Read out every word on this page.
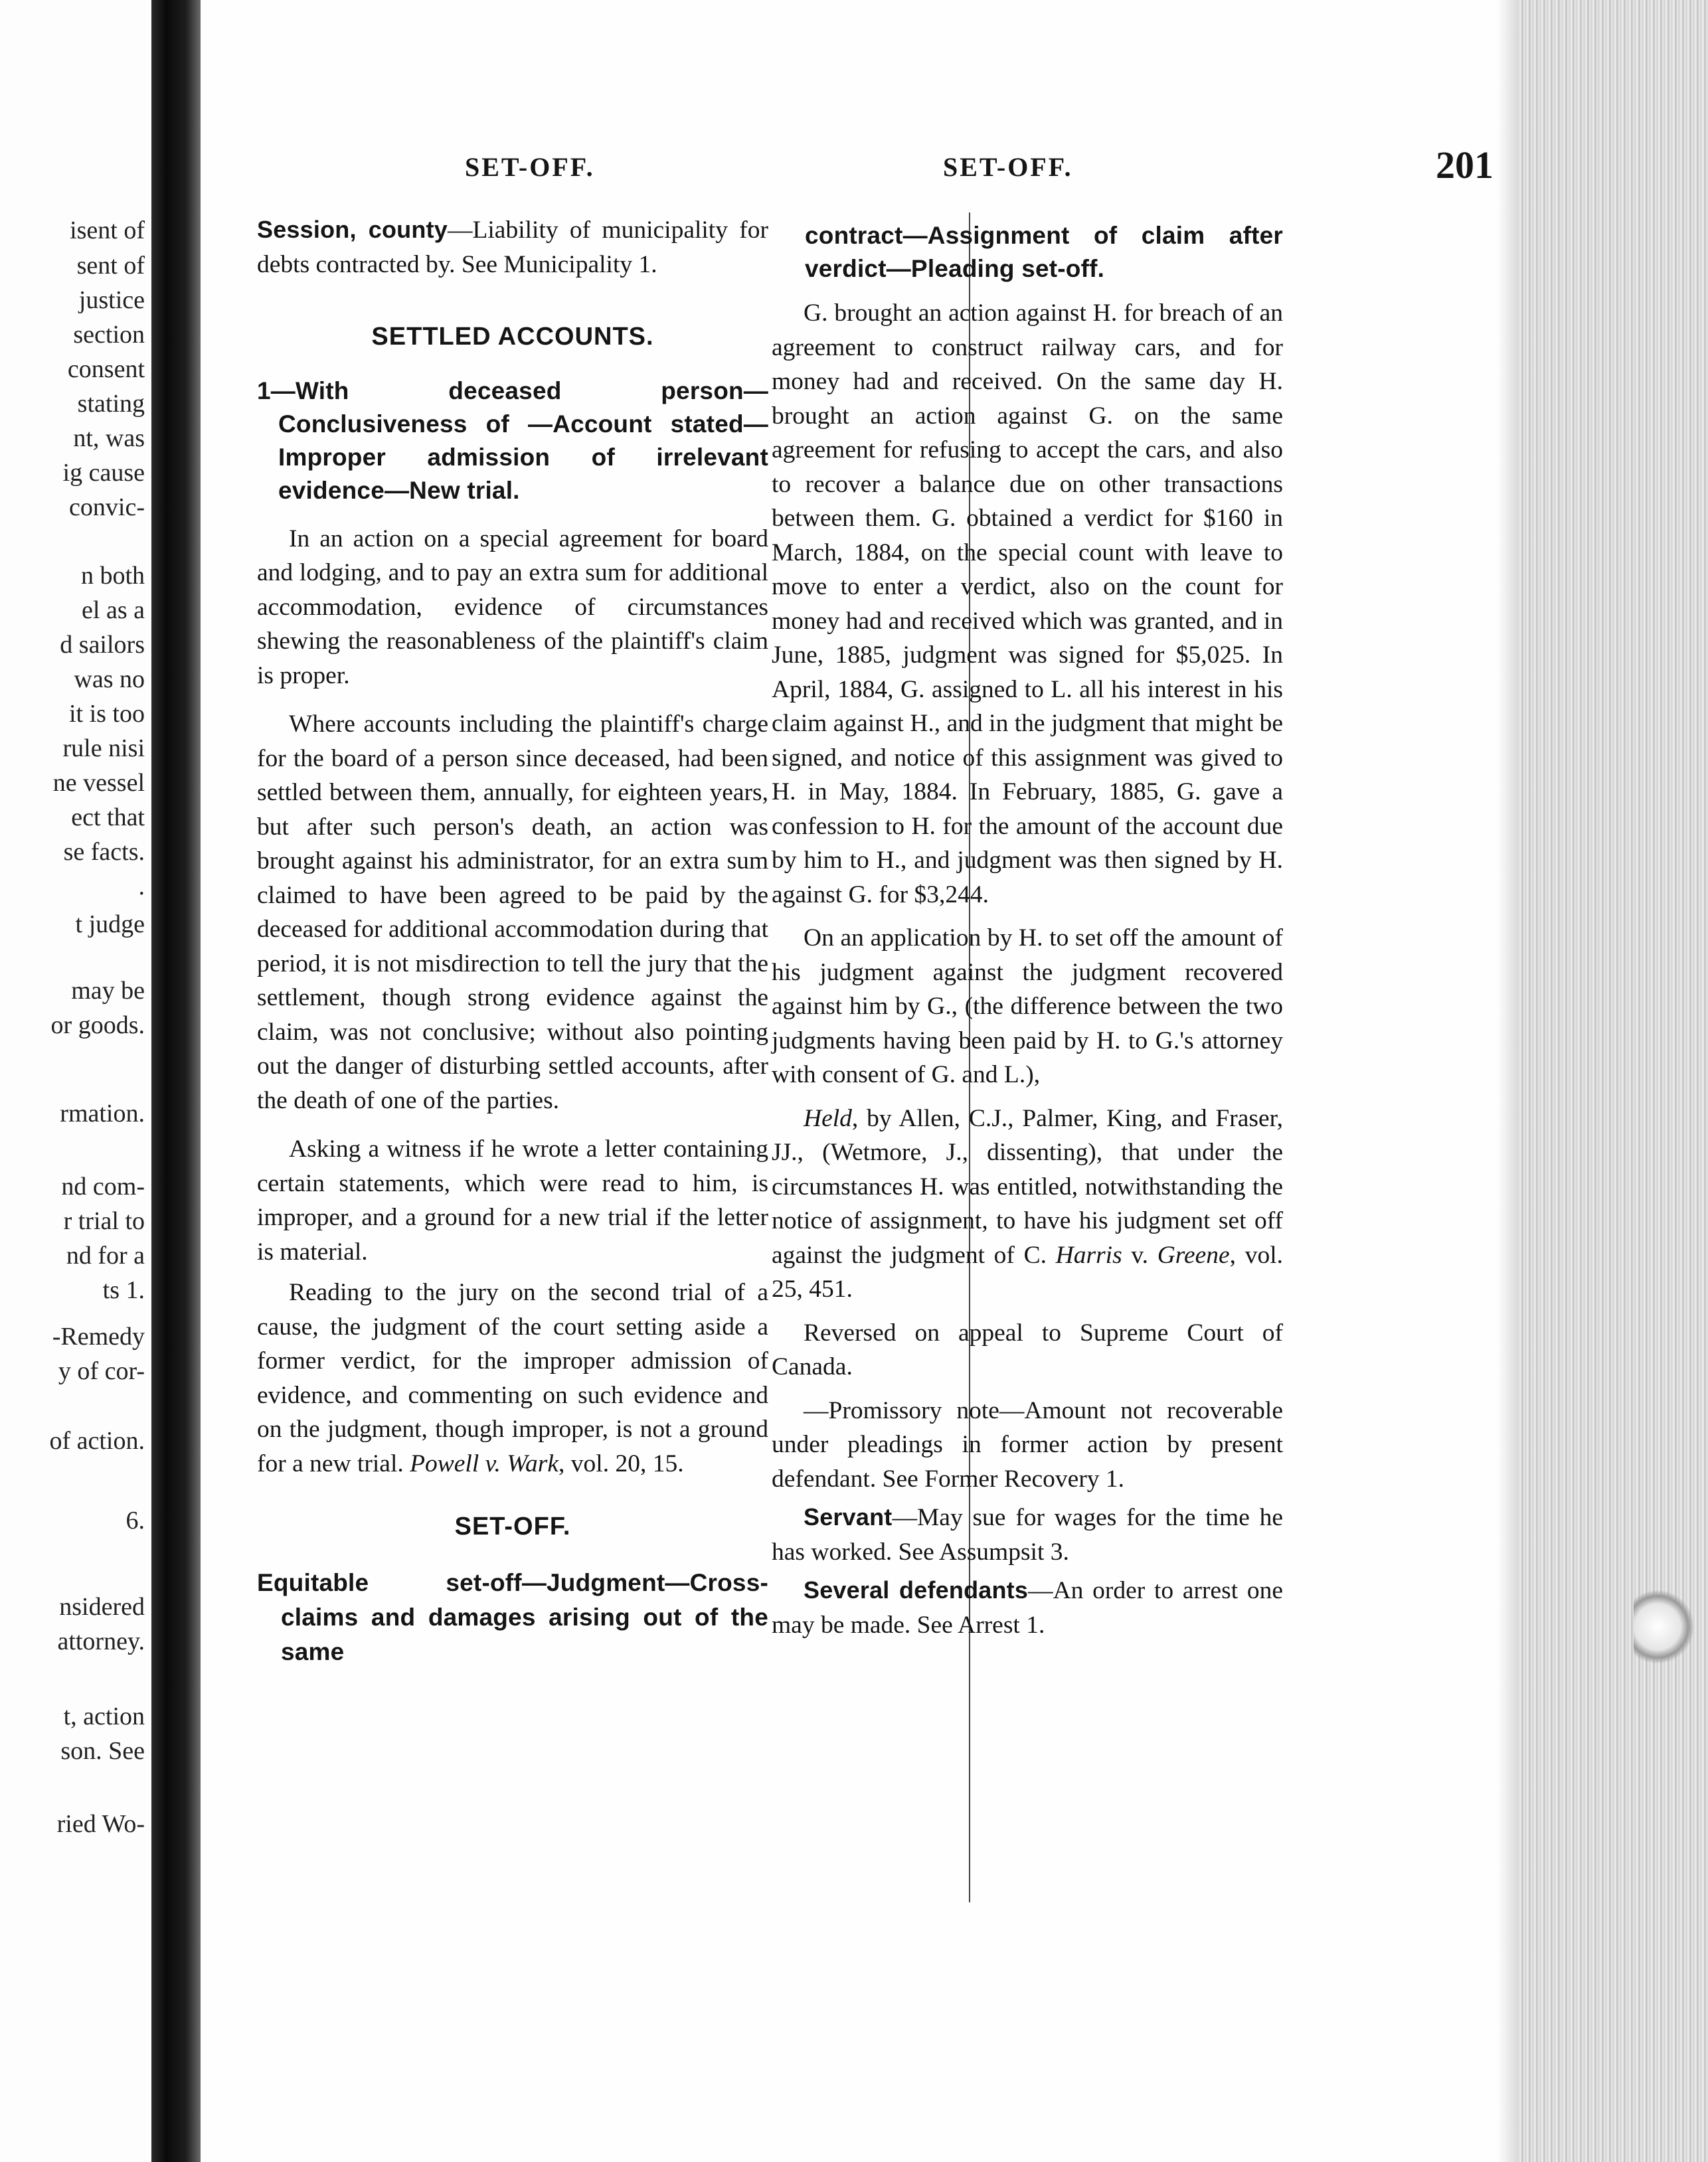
isent of
sent of
justice
section
consent
stating
nt, was
ig cause
convic-
n both
el as a
d sailors
was no
it is too
rule nisi
ne vessel
ect that
se facts.
.
t judge
may be
or goods.
rmation.
nd com-
r trial to
nd for a
ts 1.
-Remedy
y of cor-
of action.
6.
nsidered
attorney.
t, action
son. See
ried Wo-
SET-OFF.	SET-OFF.	201

Session, county—Liability of municipality for debts contracted by. See Municipality 1.

SETTLED ACCOUNTS.

1—With deceased person—Conclusiveness of —Account stated—Improper admission of irrelevant evidence—New trial.

In an action on a special agreement for board and lodging, and to pay an extra sum for additional accommodation, evidence of circumstances shewing the reasonableness of the plaintiff's claim is proper.

Where accounts including the plaintiff's charge for the board of a person since deceased, had been settled between them, annually, for eighteen years, but after such person's death, an action was brought against his administrator, for an extra sum claimed to have been agreed to be paid by the deceased for additional accommodation during that period, it is not misdirection to tell the jury that the settlement, though strong evidence against the claim, was not conclusive; without also pointing out the danger of disturbing settled accounts, after the death of one of the parties.

Asking a witness if he wrote a letter containing certain statements, which were read to him, is improper, and a ground for a new trial if the letter is material.

Reading to the jury on the second trial of a cause, the judgment of the court setting aside a former verdict, for the improper admission of evidence, and commenting on such evidence and on the judgment, though improper, is not a ground for a new trial. Powell v. Wark, vol. 20, 15.

SET-OFF.

Equitable set-off—Judgment—Cross-claims and damages arising out of the same

contract—Assignment of claim after verdict—Pleading set-off.

G. brought an action against H. for breach of an agreement to construct railway cars, and for money had and received. On the same day H. brought an action against G. on the same agreement for refusing to accept the cars, and also to recover a balance due on other transactions between them. G. obtained a verdict for $160 in March, 1884, on the special count with leave to move to enter a verdict, also on the count for money had and received which was granted, and in June, 1885, judgment was signed for $5,025. In April, 1884, G. assigned to L. all his interest in his claim against H., and in the judgment that might be signed, and notice of this assignment was gived to H. in May, 1884. In February, 1885, G. gave a confession to H. for the amount of the account due by him to H., and judgment was then signed by H. against G. for $3,244.

On an application by H. to set off the amount of his judgment against the judgment recovered against him by G., (the difference between the two judgments having been paid by H. to G.'s attorney with consent of G. and L.),

Held, by Allen, C.J., Palmer, King, and Fraser, JJ., (Wetmore, J., dissenting), that under the circumstances H. was entitled, notwithstanding the notice of assignment, to have his judgment set off against the judgment of C. Harris v. Greene, vol. 25, 451.

Reversed on appeal to Supreme Court of Canada.

—Promissory note—Amount not recoverable under pleadings in former action by present defendant. See Former Recovery 1.

Servant—May sue for wages for the time he has worked. See Assumpsit 3.

Several defendants—An order to arrest one may be made. See Arrest 1.
